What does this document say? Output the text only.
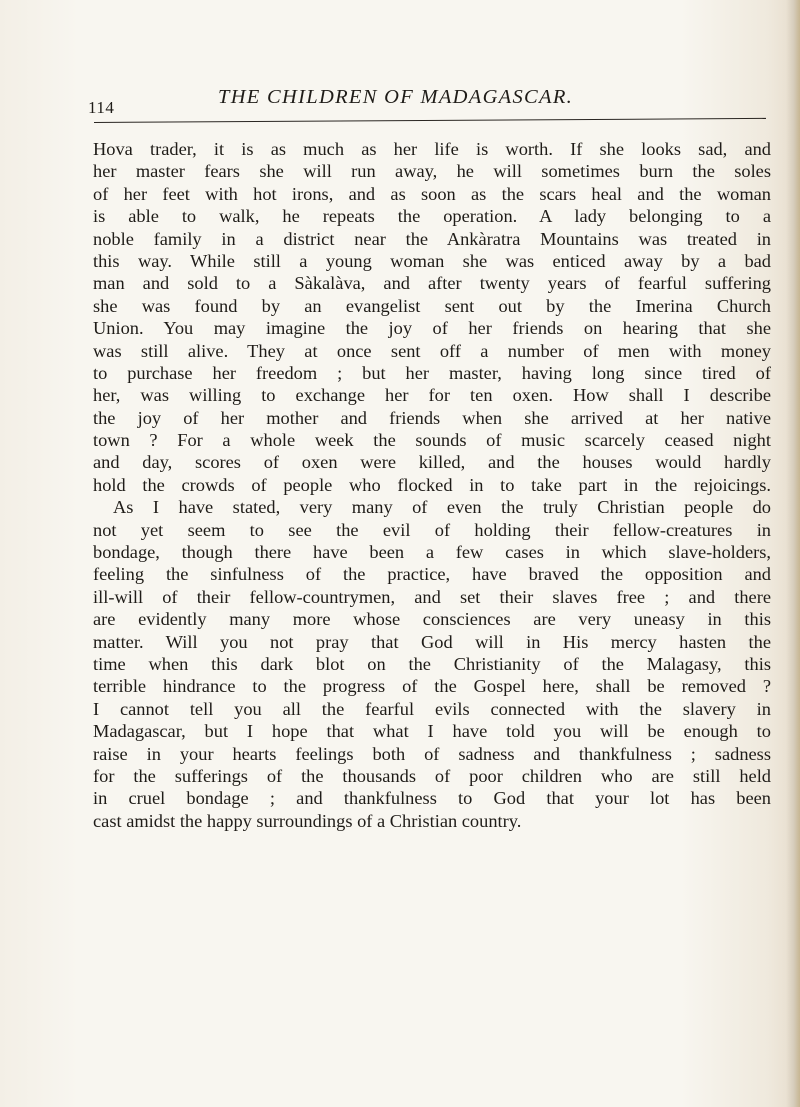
114	THE CHILDREN OF MADAGASCAR.
Hova trader, it is as much as her life is worth. If she looks sad, and
her master fears she will run away, he will sometimes burn the soles
of her feet with hot irons, and as soon as the scars heal and the woman
is able to walk, he repeats the operation. A lady belonging to a
noble family in a district near the Ankàratra Mountains was treated in
this way. While still a young woman she was enticed away by a bad
man and sold to a Sàkalàva, and after twenty years of fearful suffering
she was found by an evangelist sent out by the Imerina Church
Union. You may imagine the joy of her friends on hearing that she
was still alive. They at once sent off a number of men with money
to purchase her freedom ; but her master, having long since tired of
her, was willing to exchange her for ten oxen. How shall I describe
the joy of her mother and friends when she arrived at her native
town ? For a whole week the sounds of music scarcely ceased night
and day, scores of oxen were killed, and the houses would hardly
hold the crowds of people who flocked in to take part in the rejoicings.
As I have stated, very many of even the truly Christian people do
not yet seem to see the evil of holding their fellow-creatures in
bondage, though there have been a few cases in which slave-holders,
feeling the sinfulness of the practice, have braved the opposition and
ill-will of their fellow-countrymen, and set their slaves free ; and there
are evidently many more whose consciences are very uneasy in this
matter. Will you not pray that God will in His mercy hasten the
time when this dark blot on the Christianity of the Malagasy, this
terrible hindrance to the progress of the Gospel here, shall be removed ?
I cannot tell you all the fearful evils connected with the slavery in
Madagascar, but I hope that what I have told you will be enough to
raise in your hearts feelings both of sadness and thankfulness ; sadness
for the sufferings of the thousands of poor children who are still held
in cruel bondage ; and thankfulness to God that your lot has been
cast amidst the happy surroundings of a Christian country.
